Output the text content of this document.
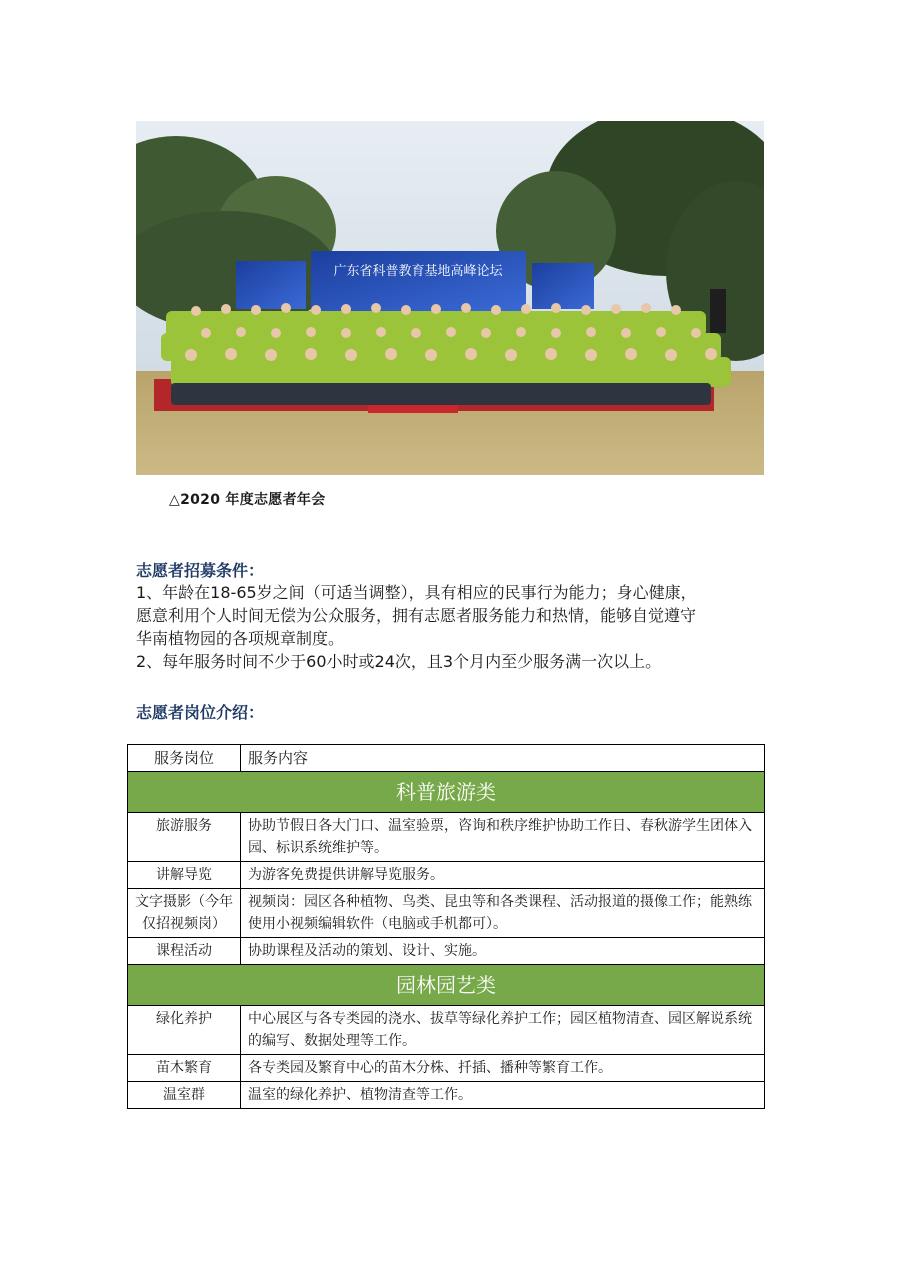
广东省科普教育基地高峰论坛
△2020 年度志愿者年会
志愿者招募条件：
1、年龄在18-65岁之间（可适当调整），具有相应的民事行为能力；身心健康，
愿意利用个人时间无偿为公众服务，拥有志愿者服务能力和热情，能够自觉遵守
华南植物园的各项规章制度。
2、每年服务时间不少于60小时或24次，且3个月内至少服务满一次以上。
志愿者岗位介绍：
服务岗位	服务内容
科普旅游类	
旅游服务	协助节假日各大门口、温室验票，咨询和秩序维护协助工作日、春秋游学生团体入园、标识系统维护等。
讲解导览	为游客免费提供讲解导览服务。
文字摄影（今年仅招视频岗）	视频岗：园区各种植物、鸟类、昆虫等和各类课程、活动报道的摄像工作；能熟练使用小视频编辑软件（电脑或手机都可）。
课程活动	协助课程及活动的策划、设计、实施。
园林园艺类	
绿化养护	中心展区与各专类园的浇水、拔草等绿化养护工作；园区植物清查、园区解说系统的编写、数据处理等工作。
苗木繁育	各专类园及繁育中心的苗木分株、扦插、播种等繁育工作。
温室群	温室的绿化养护、植物清查等工作。
